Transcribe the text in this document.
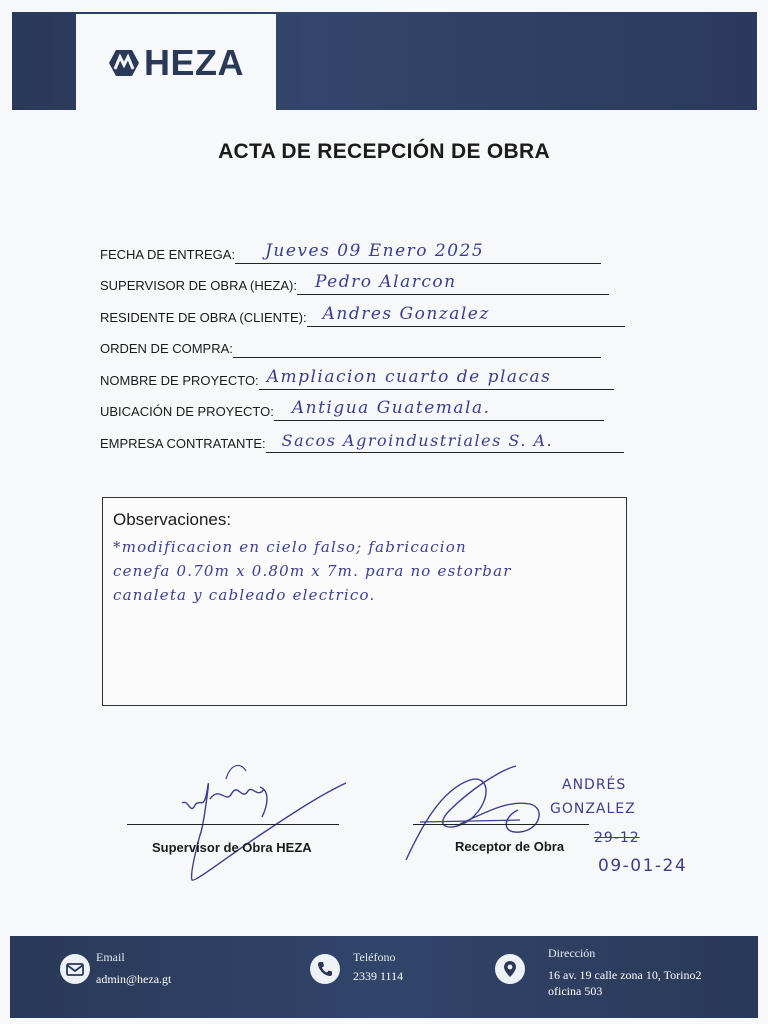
HEZA
ACTA DE RECEPCIÓN DE OBRA
FECHA DE ENTREGA: Jueves 09 Enero 2025
SUPERVISOR DE OBRA (HEZA): Pedro Alarcon
RESIDENTE DE OBRA (CLIENTE): Andres Gonzalez
ORDEN DE COMPRA:
NOMBRE DE PROYECTO: Ampliacion cuarto de placas
UBICACIÓN DE PROYECTO: Antigua Guatemala.
EMPRESA CONTRATANTE: Sacos Agroindustriales S. A.
Observaciones:
*modificacion en cielo falso; fabricacion
cenefa 0.70m x 0.80m x 7m. para no estorbar
canaleta y cableado electrico.
Supervisor de Obra HEZA	Receptor de Obra
ANDRÉS
GONZALEZ
29-12
09-01-24
Email
admin@heza.gt
Teléfono
2339 1114
Dirección
16 av. 19 calle zona 10, Torino2
oficina 503
